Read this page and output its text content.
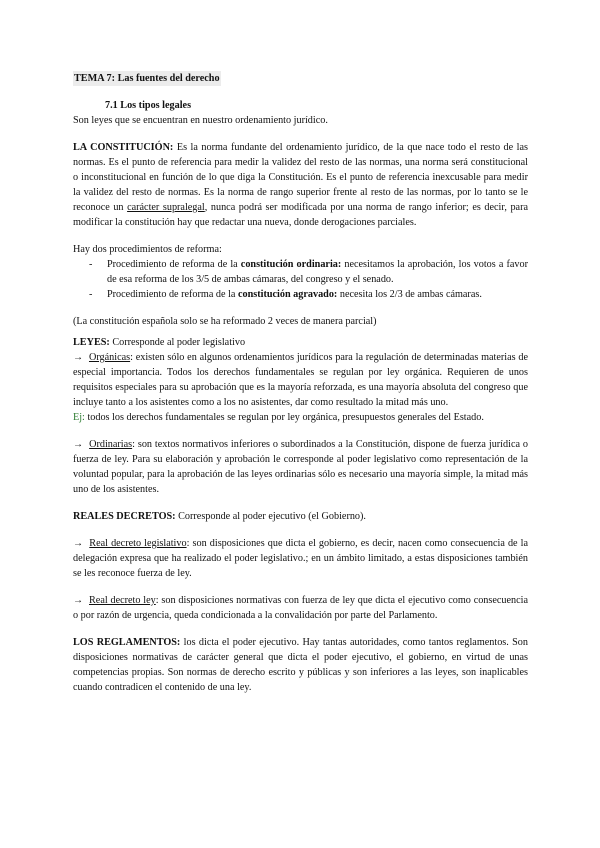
TEMA 7: Las fuentes del derecho

7.1 Los tipos legales

Son leyes que se encuentran en nuestro ordenamiento jurídico.

LA CONSTITUCIÓN: Es la norma fundante del ordenamiento jurídico, de la que nace todo el resto de las normas. Es el punto de referencia para medir la validez del resto de las normas, una norma será constitucional o inconstitucional en función de lo que diga la Constitución. Es el punto de referencia inexcusable para medir la validez del resto de normas. Es la norma de rango superior frente al resto de las normas, por lo tanto se le reconoce un carácter supralegal, nunca podrá ser modificada por una norma de rango inferior; es decir, para modificar la constitución hay que redactar una nueva, donde derogaciones parciales.

Hay dos procedimientos de reforma:

- Procedimiento de reforma de la constitución ordinaria: necesitamos la aprobación, los votos a favor de esa reforma de los 3/5 de ambas cámaras, del congreso y el senado.
- Procedimiento de reforma de la constitución agravado: necesita los 2/3 de ambas cámaras.

(La constitución española solo se ha reformado 2 veces de manera parcial)

LEYES: Corresponde al poder legislativo

→ Orgánicas: existen sólo en algunos ordenamientos jurídicos para la regulación de determinadas materias de especial importancia. Todos los derechos fundamentales se regulan por ley orgánica. Requieren de unos requisitos especiales para su aprobación que es la mayoría reforzada, es una mayoría absoluta del congreso que incluye tanto a los asistentes como a los no asistentes, dar como resultado la mitad más uno.

Ej: todos los derechos fundamentales se regulan por ley orgánica, presupuestos generales del Estado.

→ Ordinarias: son textos normativos inferiores o subordinados a la Constitución, dispone de fuerza jurídica o fuerza de ley. Para su elaboración y aprobación le corresponde al poder legislativo como representación de la voluntad popular, para la aprobación de las leyes ordinarias sólo es necesario una mayoría simple, la mitad más uno de los asistentes.

REALES DECRETOS: Corresponde al poder ejecutivo (el Gobierno).

→ Real decreto legislativo: son disposiciones que dicta el gobierno, es decir, nacen como consecuencia de la delegación expresa que ha realizado el poder legislativo.; en un ámbito limitado, a estas disposiciones también se les reconoce fuerza de ley.

→ Real decreto ley: son disposiciones normativas con fuerza de ley que dicta el ejecutivo como consecuencia o por razón de urgencia, queda condicionada a la convalidación por parte del Parlamento.

LOS REGLAMENTOS: los dicta el poder ejecutivo. Hay tantas autoridades, como tantos reglamentos. Son disposiciones normativas de carácter general que dicta el poder ejecutivo, el gobierno, en virtud de unas competencias propias. Son normas de derecho escrito y públicas y son inferiores a las leyes, son inaplicables cuando contradicen el contenido de una ley.
